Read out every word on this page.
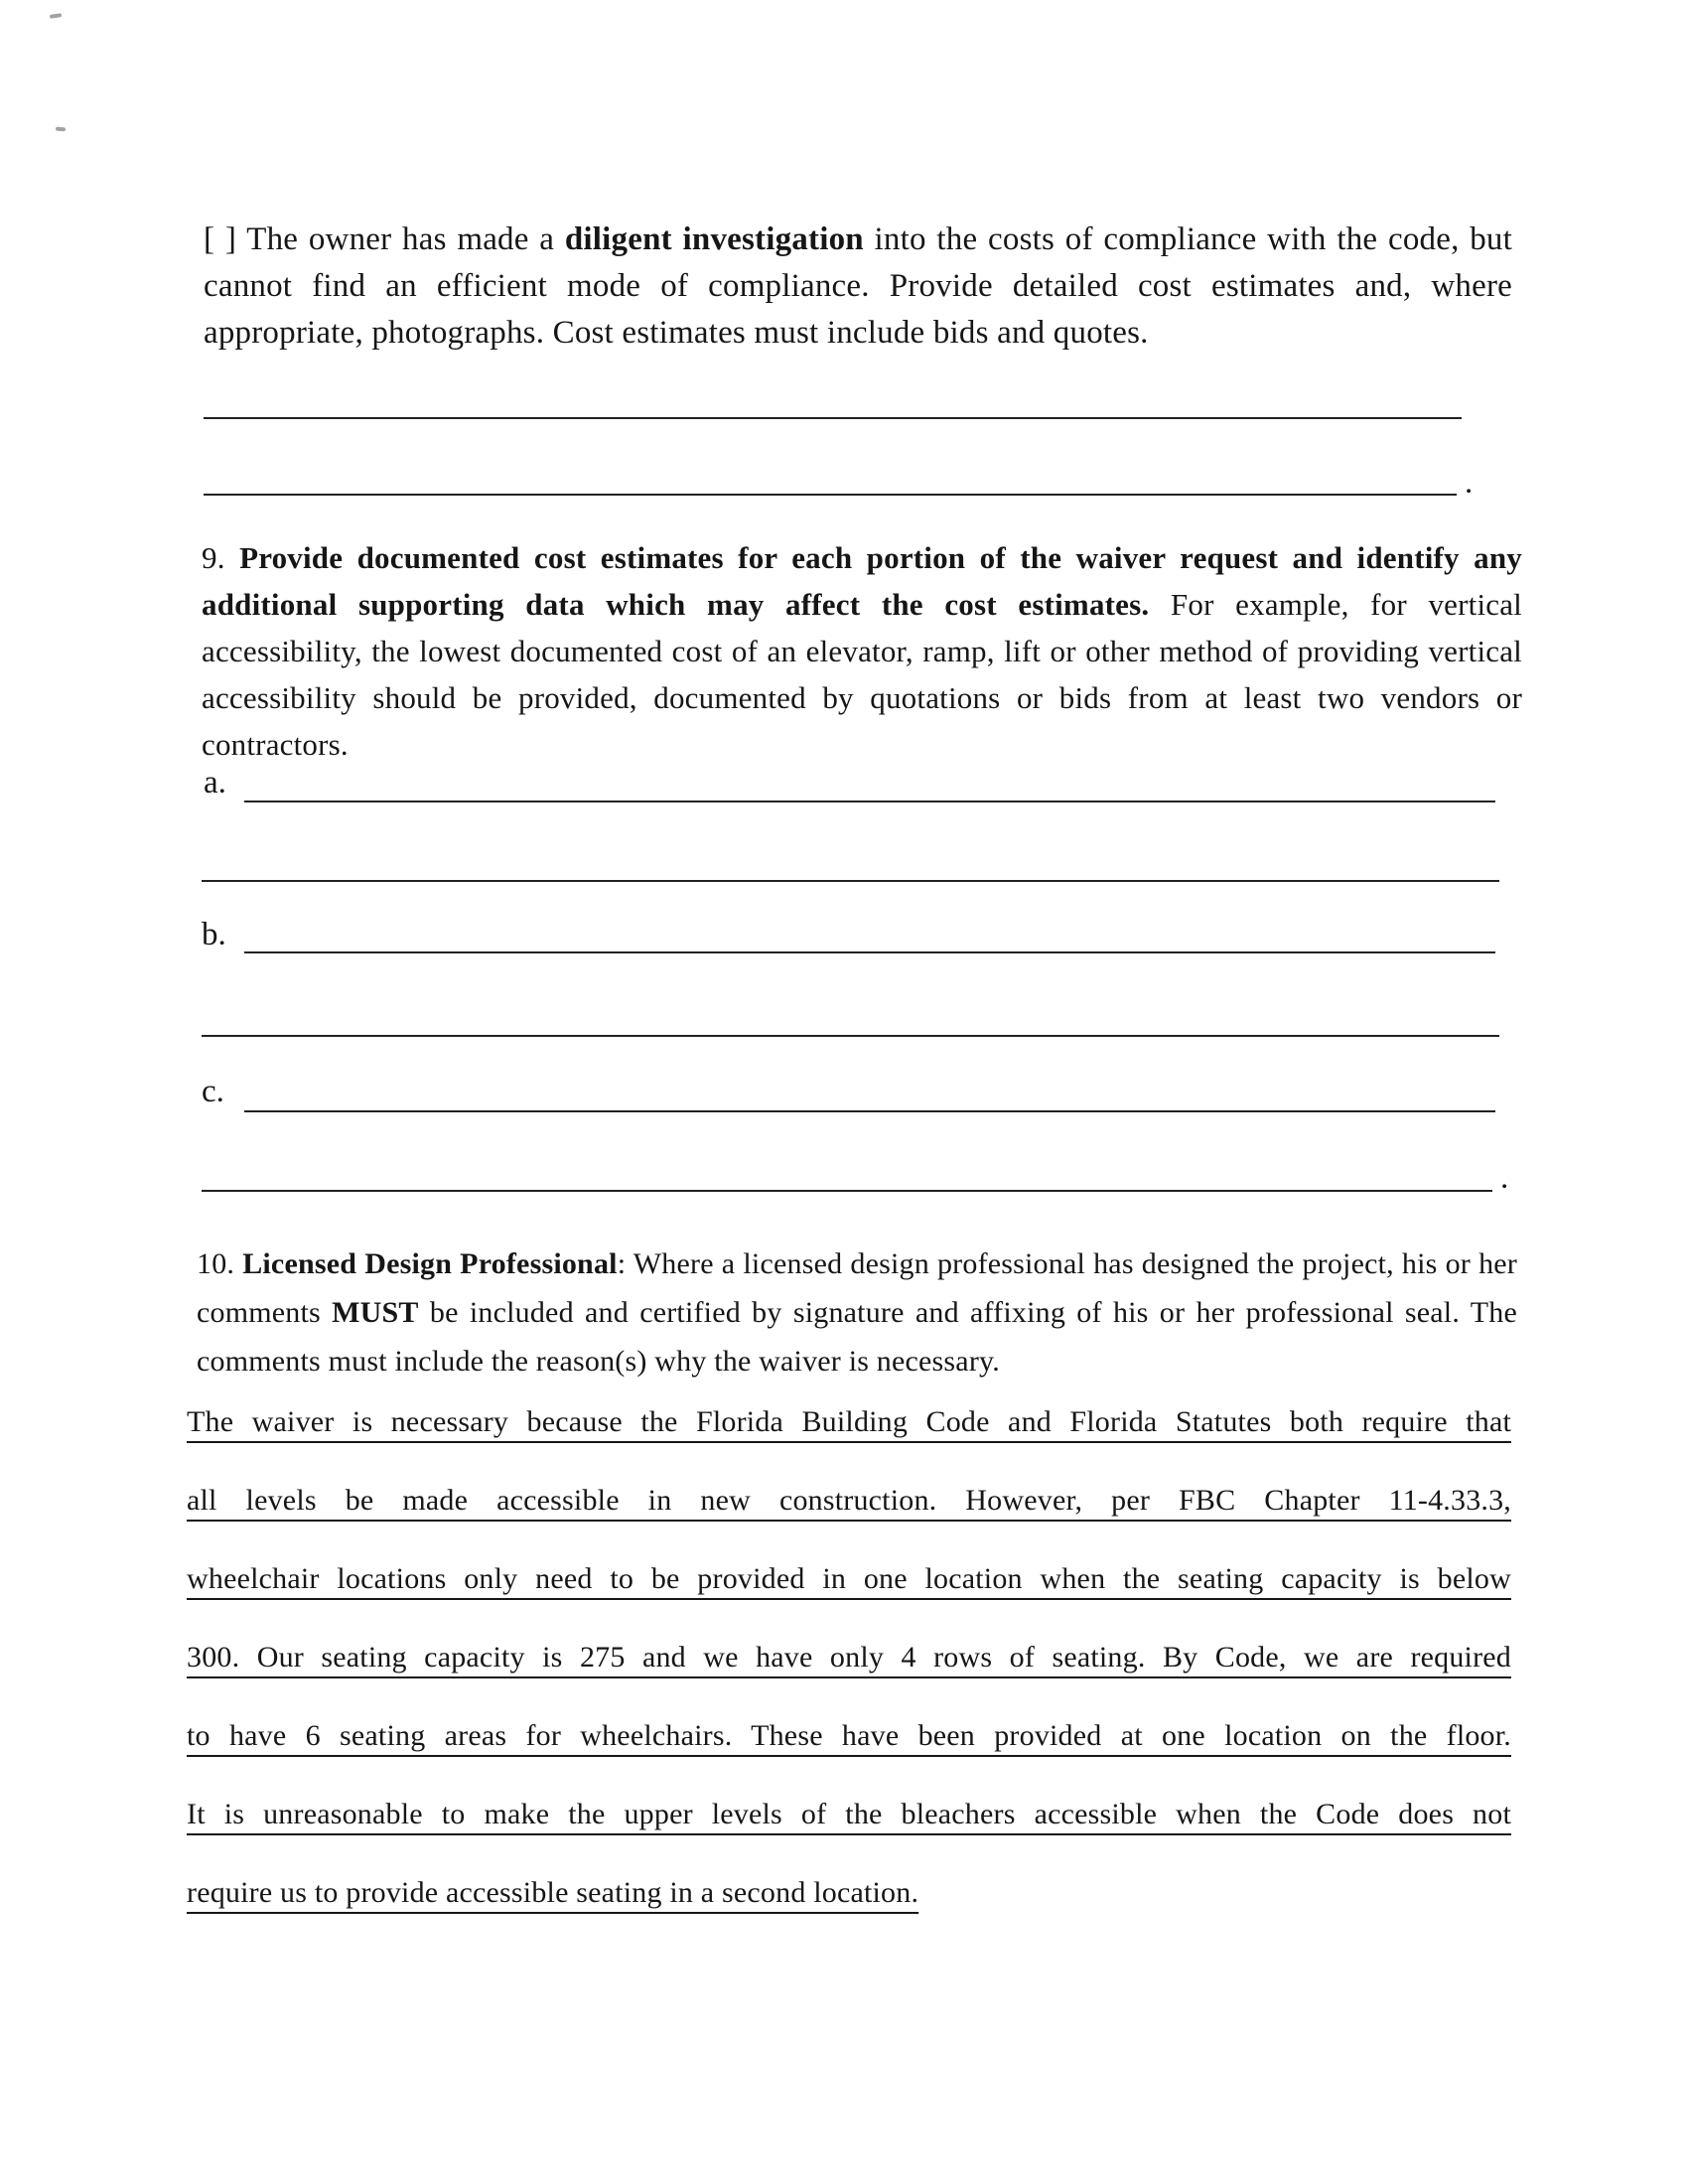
[ ] The owner has made a diligent investigation into the costs of compliance with the code, but cannot find an efficient mode of compliance. Provide detailed cost estimates and, where appropriate, photographs. Cost estimates must include bids and quotes.

.

9. Provide documented cost estimates for each portion of the waiver request and identify any additional supporting data which may affect the cost estimates. For example, for vertical accessibility, the lowest documented cost of an elevator, ramp, lift or other method of providing vertical accessibility should be provided, documented by quotations or bids from at least two vendors or contractors.

a.
b.
c.
.

10. Licensed Design Professional: Where a licensed design professional has designed the project, his or her comments MUST be included and certified by signature and affixing of his or her professional seal. The comments must include the reason(s) why the waiver is necessary.

The waiver is necessary because the Florida Building Code and Florida Statutes both require that
all levels be made accessible in new construction. However, per FBC Chapter 11-4.33.3,
wheelchair locations only need to be provided in one location when the seating capacity is below
300. Our seating capacity is 275 and we have only 4 rows of seating. By Code, we are required
to have 6 seating areas for wheelchairs. These have been provided at one location on the floor.
It is unreasonable to make the upper levels of the bleachers accessible when the Code does not
require us to provide accessible seating in a second location.
